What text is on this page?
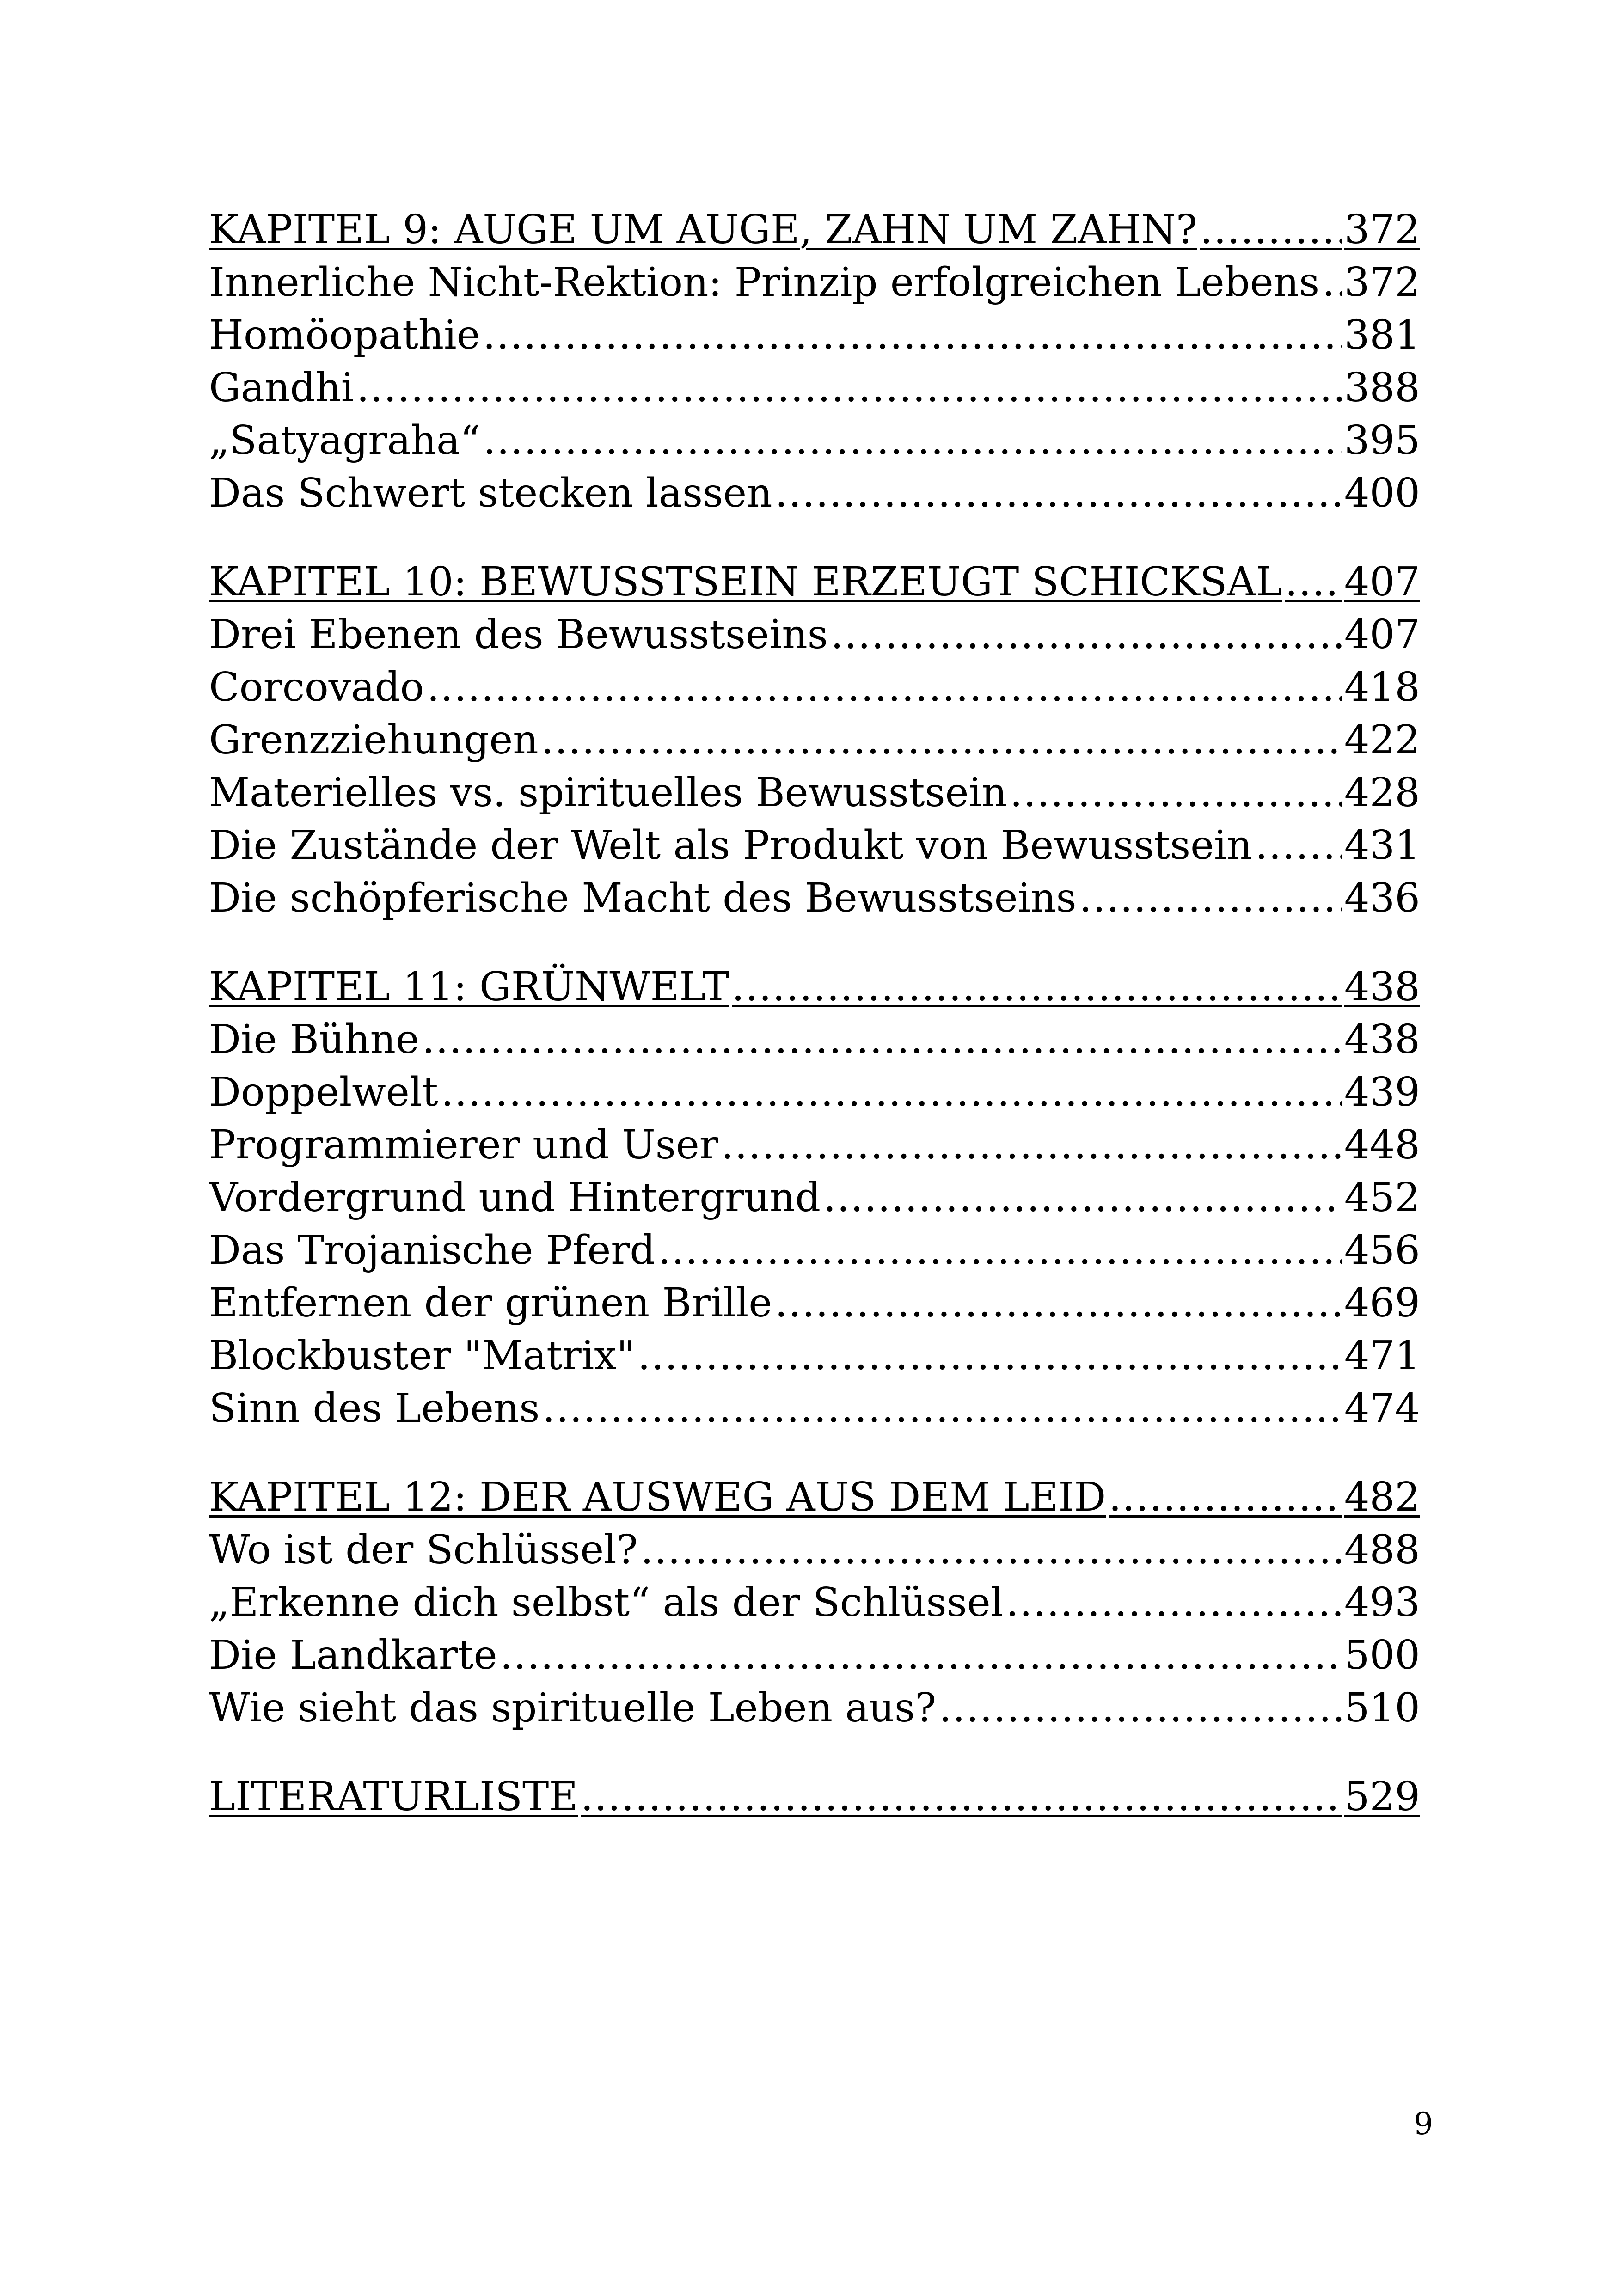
KAPITEL 9: AUGE UM AUGE, ZAHN UM ZAHN? .....	372
Innerliche Nicht-Rektion: Prinzip erfolgreichen Lebens ..... 372
Homöopathie .....	381
Gandhi .....	388
„Satyagraha“ .....	395
Das Schwert stecken lassen .....	400
KAPITEL 10: BEWUSSTSEIN ERZEUGT SCHICKSAL ..... 407
Drei Ebenen des Bewusstseins .....	407
Corcovado .....	418
Grenzziehungen .....	422
Materielles vs. spirituelles Bewusstsein .....	428
Die Zustände der Welt als Produkt von Bewusstsein ..... 431
Die schöpferische Macht des Bewusstseins .....	436
KAPITEL 11: GRÜNWELT .....	438
Die Bühne .....	438
Doppelwelt .....	439
Programmierer und User .....	448
Vordergrund und Hintergrund .....	452
Das Trojanische Pferd .....	456
Entfernen der grünen Brille .....	469
Blockbuster "Matrix" .....	471
Sinn des Lebens .....	474
KAPITEL 12: DER AUSWEG AUS DEM LEID .....	482
Wo ist der Schlüssel? .....	488
„Erkenne dich selbst“ als der Schlüssel .....	493
Die Landkarte .....	500
Wie sieht das spirituelle Leben aus? .....	510
LITERATURLISTE .....	529
9
